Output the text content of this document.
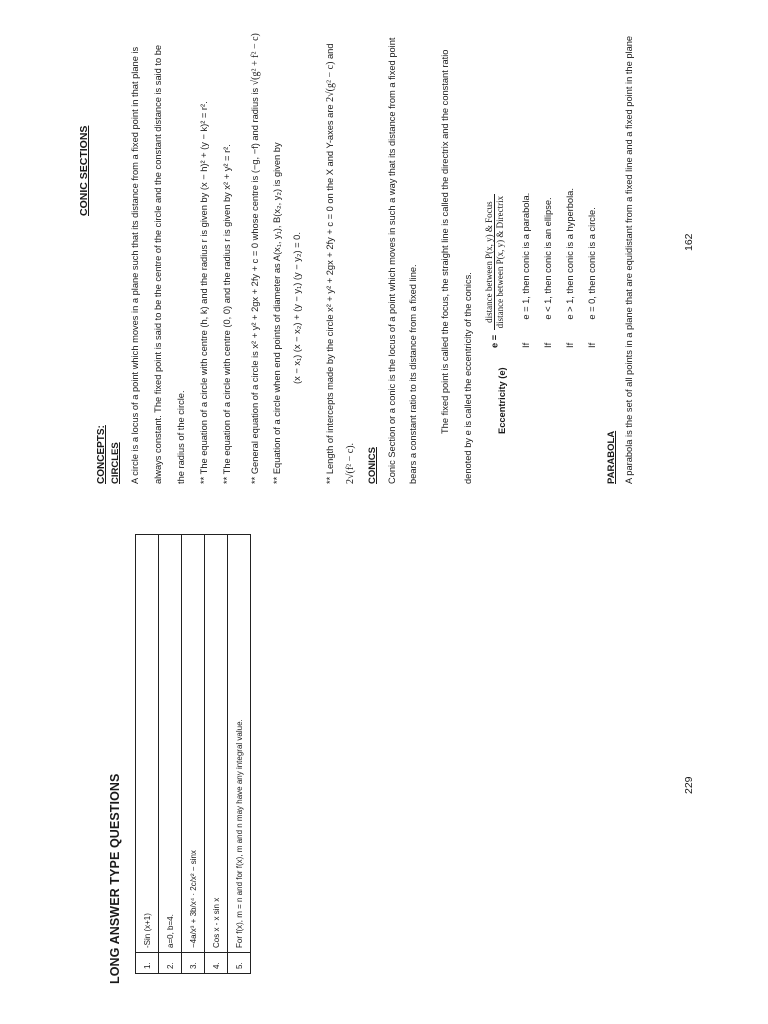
LONG ANSWER TYPE QUESTIONS	1.	-Sin (x+1)
2.	a=0, b=4.
3.	−4a/x³ + 3b/x⁴ · 2c/x² − sinx
4.	Cos x - x sin x
5.	For f(x), m = n and for f(x), m and n may have any integral value.	229
CONIC SECTIONS
CONCEPTS: CIRCLES A circle is a locus of a point which moves in a plane such that its distance from a fixed point in that plane is always constant. The fixed point is said to be the centre of the circle and the constant distance is said to be the radius of the circle. ** The equation of a circle with centre (h, k) and the radius r is given by (x − h)² + (y − k)² = r². ** The equation of a circle with centre (0, 0) and the radius r is given by x² + y² = r². ** General equation of a circle is x² + y² + 2gx + 2fy + c = 0 whose centre is (−g, −f) and radius is √(g² + f² − c)
** Equation of a circle when end points of diameter as A(x₁, y₁), B(x₂, y₂) is given by (x − x₁) (x − x₂) + (y − y₁) (y − y₂) = 0. ** Length of intercepts made by the circle x² + y² + 2gx + 2fy + c = 0 on the X and Y-axes are 2√(g² − c) and
2√(f² − c). CONICS Conic Section or a conic is the locus of a point which moves in such a way that its distance from a fixed point bears a constant ratio to its distance from a fixed line. The fixed point is called the focus, the straight line is called the directrix and the constant ratio denoted by e is called the eccentricity of the conics.	Eccentricity (e)
e =
distance between P(x, y) & Focus distance between P(x, y) & Directrix
If  e = 1, then conic is a parabola.
If  e < 1, then conic is an ellipse.
If  e > 1, then conic is a hyperbola.
If  e = 0, then conic is a circle.
PARABOLA A parabola is the set of all points in a plane that are equidistant from a fixed line and a fixed point in the plane	162
